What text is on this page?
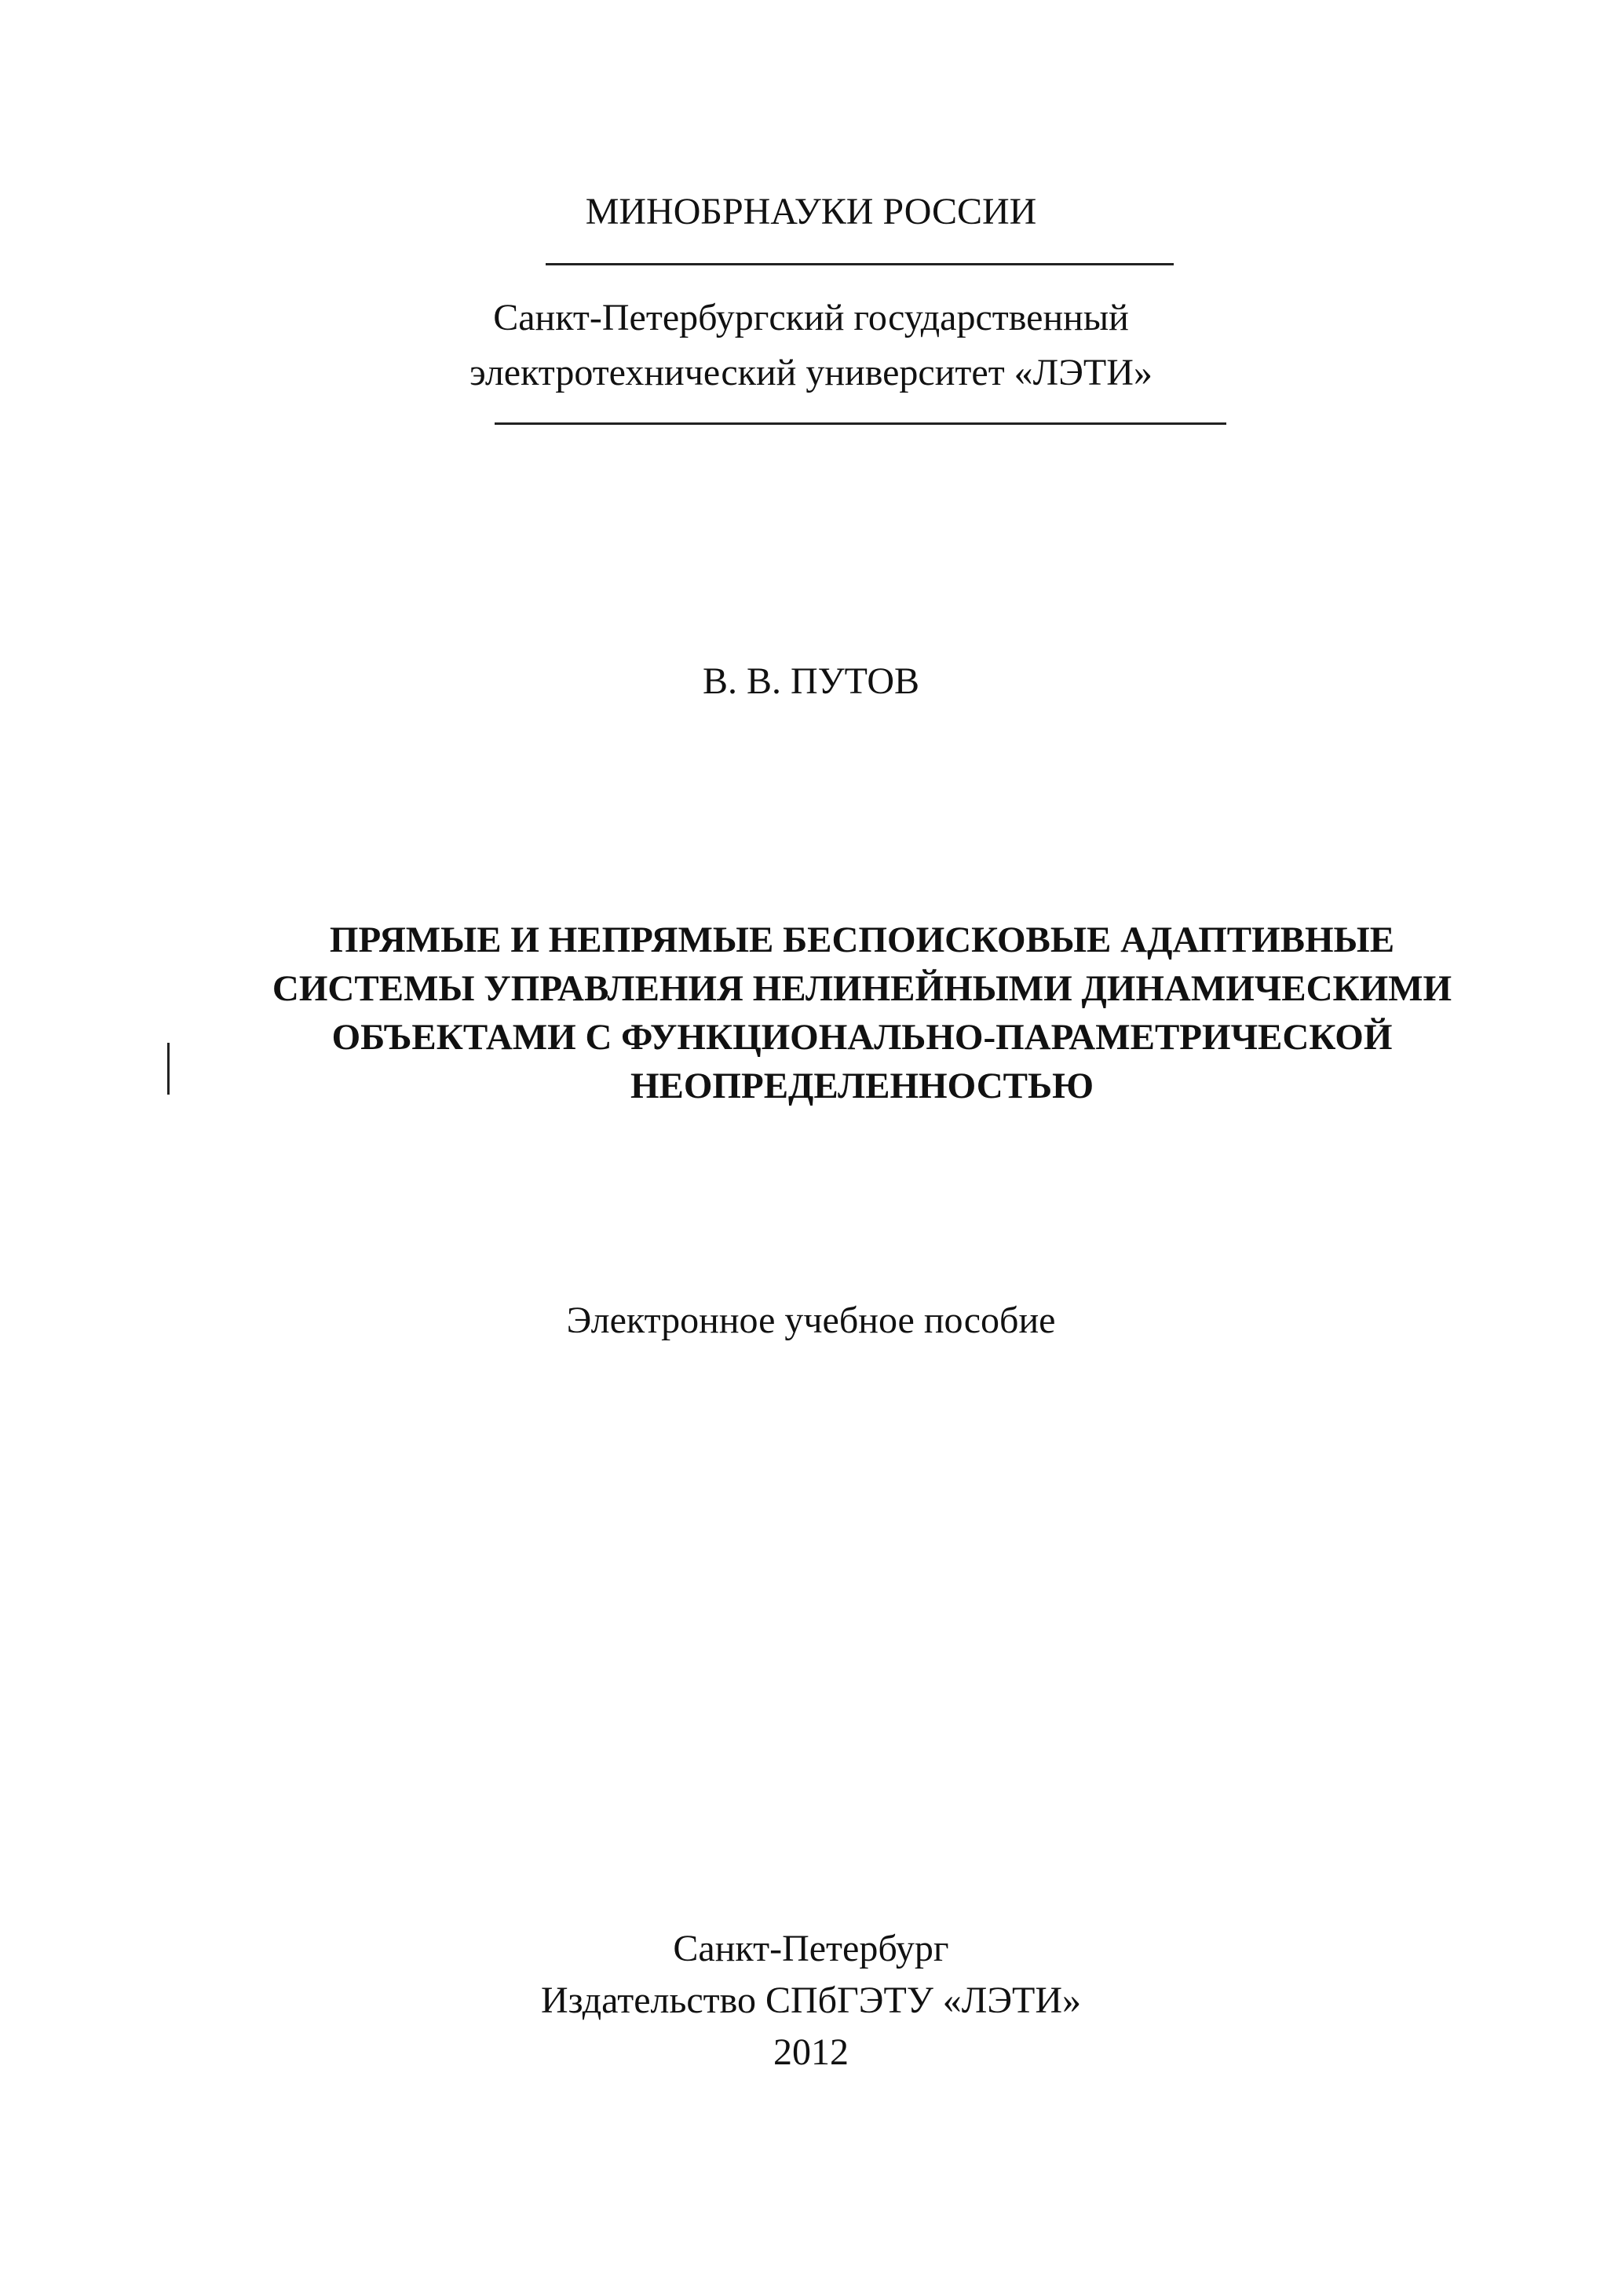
МИНОБРНАУКИ РОССИИ
Санкт-Петербургский государственный
электротехнический университет «ЛЭТИ»
В. В. ПУТОВ
ПРЯМЫЕ И НЕПРЯМЫЕ БЕСПОИСКОВЫЕ АДАПТИВНЫЕ
СИСТЕМЫ УПРАВЛЕНИЯ НЕЛИНЕЙНЫМИ ДИНАМИЧЕСКИМИ
ОБЪЕКТАМИ С ФУНКЦИОНАЛЬНО-ПАРАМЕТРИЧЕСКОЙ
НЕОПРЕДЕЛЕННОСТЬЮ
Электронное учебное пособие
Санкт-Петербург
Издательство СПбГЭТУ «ЛЭТИ»
2012
